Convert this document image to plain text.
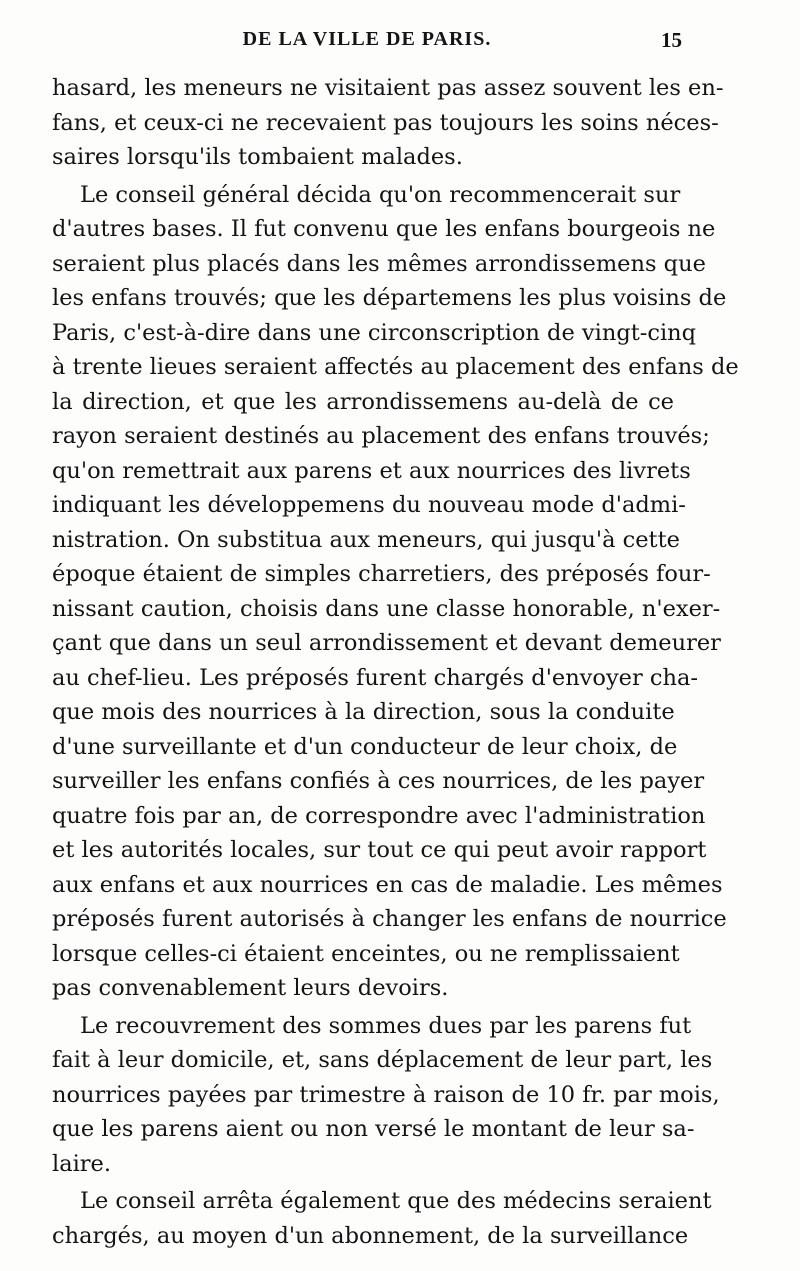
DE LA VILLE DE PARIS.	15

hasard, les meneurs ne visitaient pas assez souvent les en-
fans, et ceux-ci ne recevaient pas toujours les soins néces-
saires lorsqu'ils tombaient malades.

Le conseil général décida qu'on recommencerait sur
d'autres bases. Il fut convenu que les enfans bourgeois ne
seraient plus placés dans les mêmes arrondissemens que
les enfans trouvés; que les départemens les plus voisins de
Paris, c'est-à-dire dans une circonscription de vingt-cinq
à trente lieues seraient affectés au placement des enfans de
la direction, et que les arrondissemens au-delà de ce
rayon seraient destinés au placement des enfans trouvés;
qu'on remettrait aux parens et aux nourrices des livrets
indiquant les développemens du nouveau mode d'admi-
nistration. On substitua aux meneurs, qui jusqu'à cette
époque étaient de simples charretiers, des préposés four-
nissant caution, choisis dans une classe honorable, n'exer-
çant que dans un seul arrondissement et devant demeurer
au chef-lieu. Les préposés furent chargés d'envoyer cha-
que mois des nourrices à la direction, sous la conduite
d'une surveillante et d'un conducteur de leur choix, de
surveiller les enfans confiés à ces nourrices, de les payer
quatre fois par an, de correspondre avec l'administration
et les autorités locales, sur tout ce qui peut avoir rapport
aux enfans et aux nourrices en cas de maladie. Les mêmes
préposés furent autorisés à changer les enfans de nourrice
lorsque celles-ci étaient enceintes, ou ne remplissaient
pas convenablement leurs devoirs.

Le recouvrement des sommes dues par les parens fut
fait à leur domicile, et, sans déplacement de leur part, les
nourrices payées par trimestre à raison de 10 fr. par mois,
que les parens aient ou non versé le montant de leur sa-
laire.

Le conseil arrêta également que des médecins seraient
chargés, au moyen d'un abonnement, de la surveillance
